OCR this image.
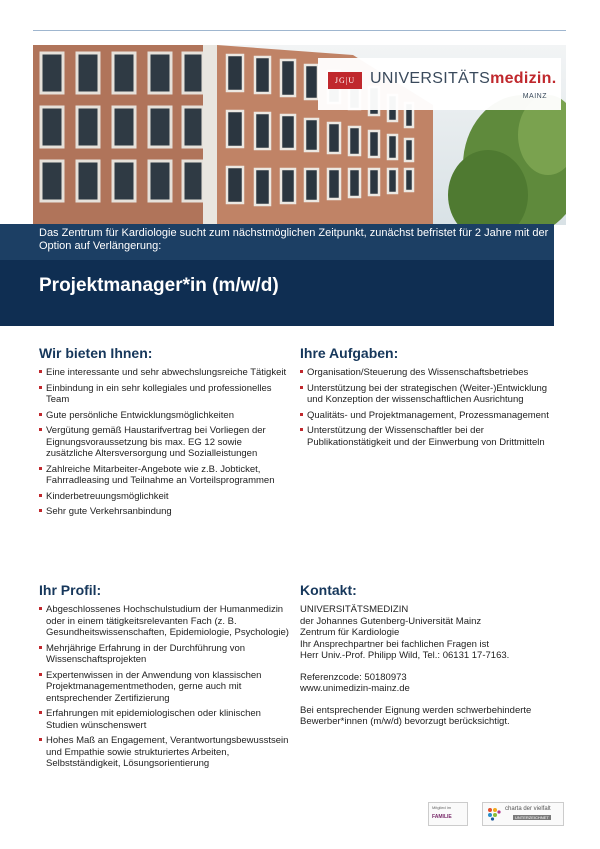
JG|U UNIVERSITÄTSmedizin.
MAINZ
Das Zentrum für Kardiologie sucht zum nächstmöglichen Zeitpunkt, zunächst befristet für 2 Jahre mit der Option auf Verlängerung:
Projektmanager*in (m/w/d)
Wir bieten Ihnen:
Eine interessante und sehr abwechslungsreiche Tätigkeit
Einbindung in ein sehr kollegiales und professionelles Team
Gute persönliche Entwicklungsmöglichkeiten
Vergütung gemäß Haustarifvertrag bei Vorliegen der Eignungsvoraussetzung bis max. EG 12 sowie zusätzliche Altersversorgung und Sozialleistungen
Zahlreiche Mitarbeiter-Angebote wie z.B. Jobticket, Fahrradleasing und Teilnahme an Vorteilsprogrammen
Kinderbetreuungsmöglichkeit
Sehr gute Verkehrsanbindung
Ihre Aufgaben:
Organisation/Steuerung des Wissenschaftsbetriebes
Unterstützung bei der strategischen (Weiter-)Entwicklung und Konzeption der wissenschaftlichen Ausrichtung
Qualitäts- und Projektmanagement, Prozessmanagement
Unterstützung der Wissenschaftler bei der Publikationstätigkeit und der Einwerbung von Drittmitteln
Ihr Profil:
Abgeschlossenes Hochschulstudium der Humanmedizin oder in einem tätigkeitsrelevanten Fach (z. B. Gesundheitswissenschaften, Epidemiologie, Psychologie)
Mehrjährige Erfahrung in der Durchführung von Wissenschaftsprojekten
Expertenwissen in der Anwendung von klassischen Projektmanagementmethoden, gerne auch mit entsprechender Zertifizierung
Erfahrungen mit epidemiologischen oder klinischen Studien wünschenswert
Hohes Maß an Engagement, Verantwortungsbewusstsein und Empathie sowie strukturiertes Arbeiten, Selbstständigkeit, Lösungsorientierung
Kontakt:

UNIVERSITÄTSMEDIZIN
der Johannes Gutenberg-Universität Mainz
Zentrum für Kardiologie
Ihr Ansprechpartner bei fachlichen Fragen ist
Herr Univ.-Prof. Philipp Wild, Tel.: 06131 17-7163.

Referenzcode: 50180973
www.unimedizin-mainz.de

Bei entsprechender Eignung werden schwerbehinderte Bewerber*innen (m/w/d) bevorzugt berücksichtigt.

Mitglied im
FAMILIE
charta der vielfalt
UNTERZEICHNET
